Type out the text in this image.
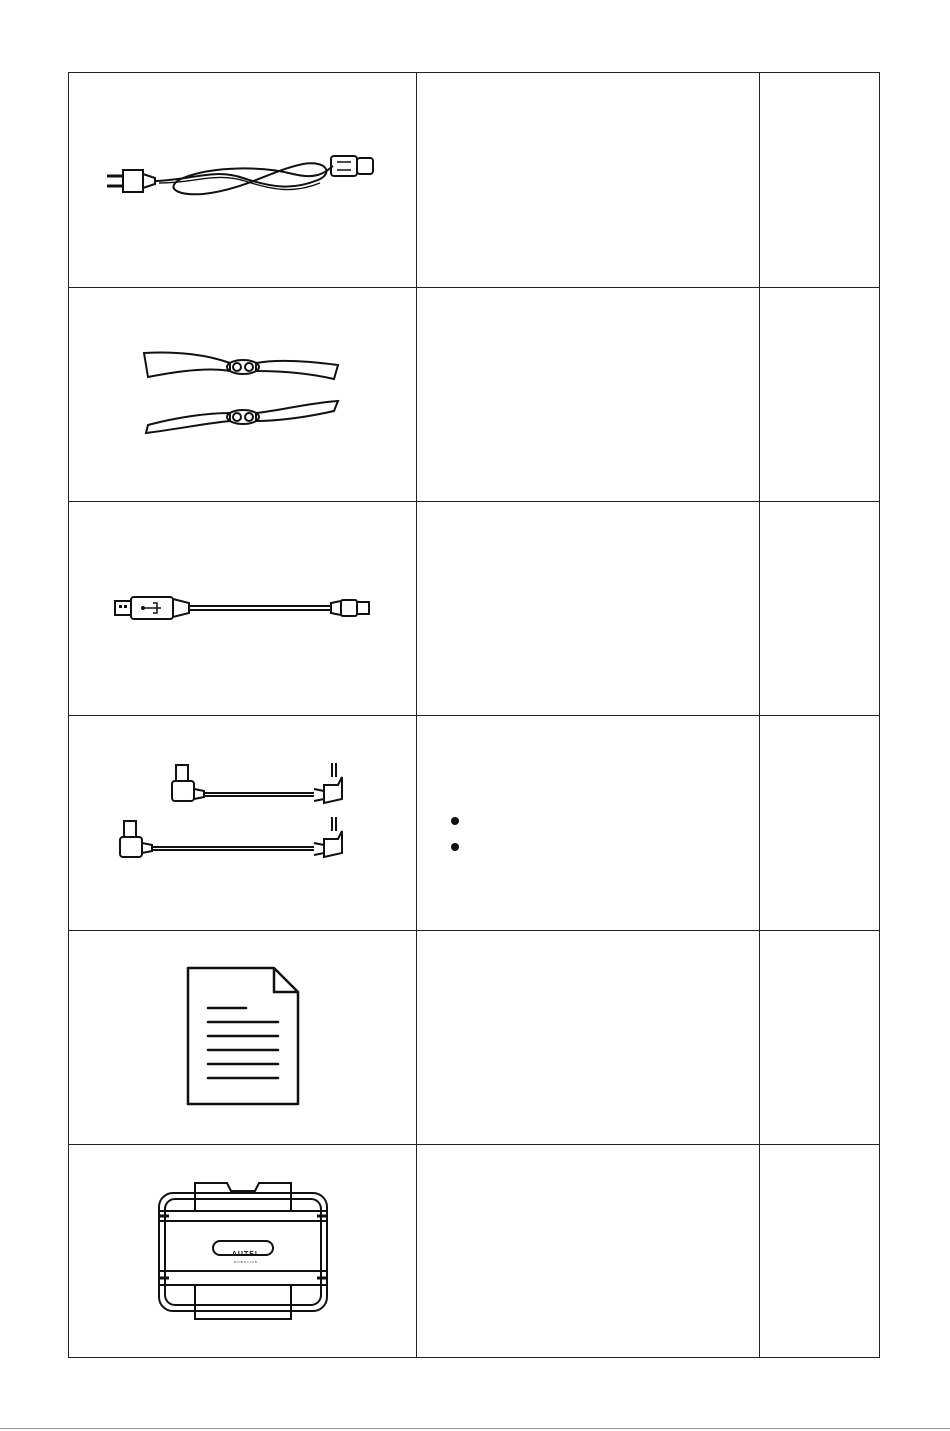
AUTEL
ROBOTICS
